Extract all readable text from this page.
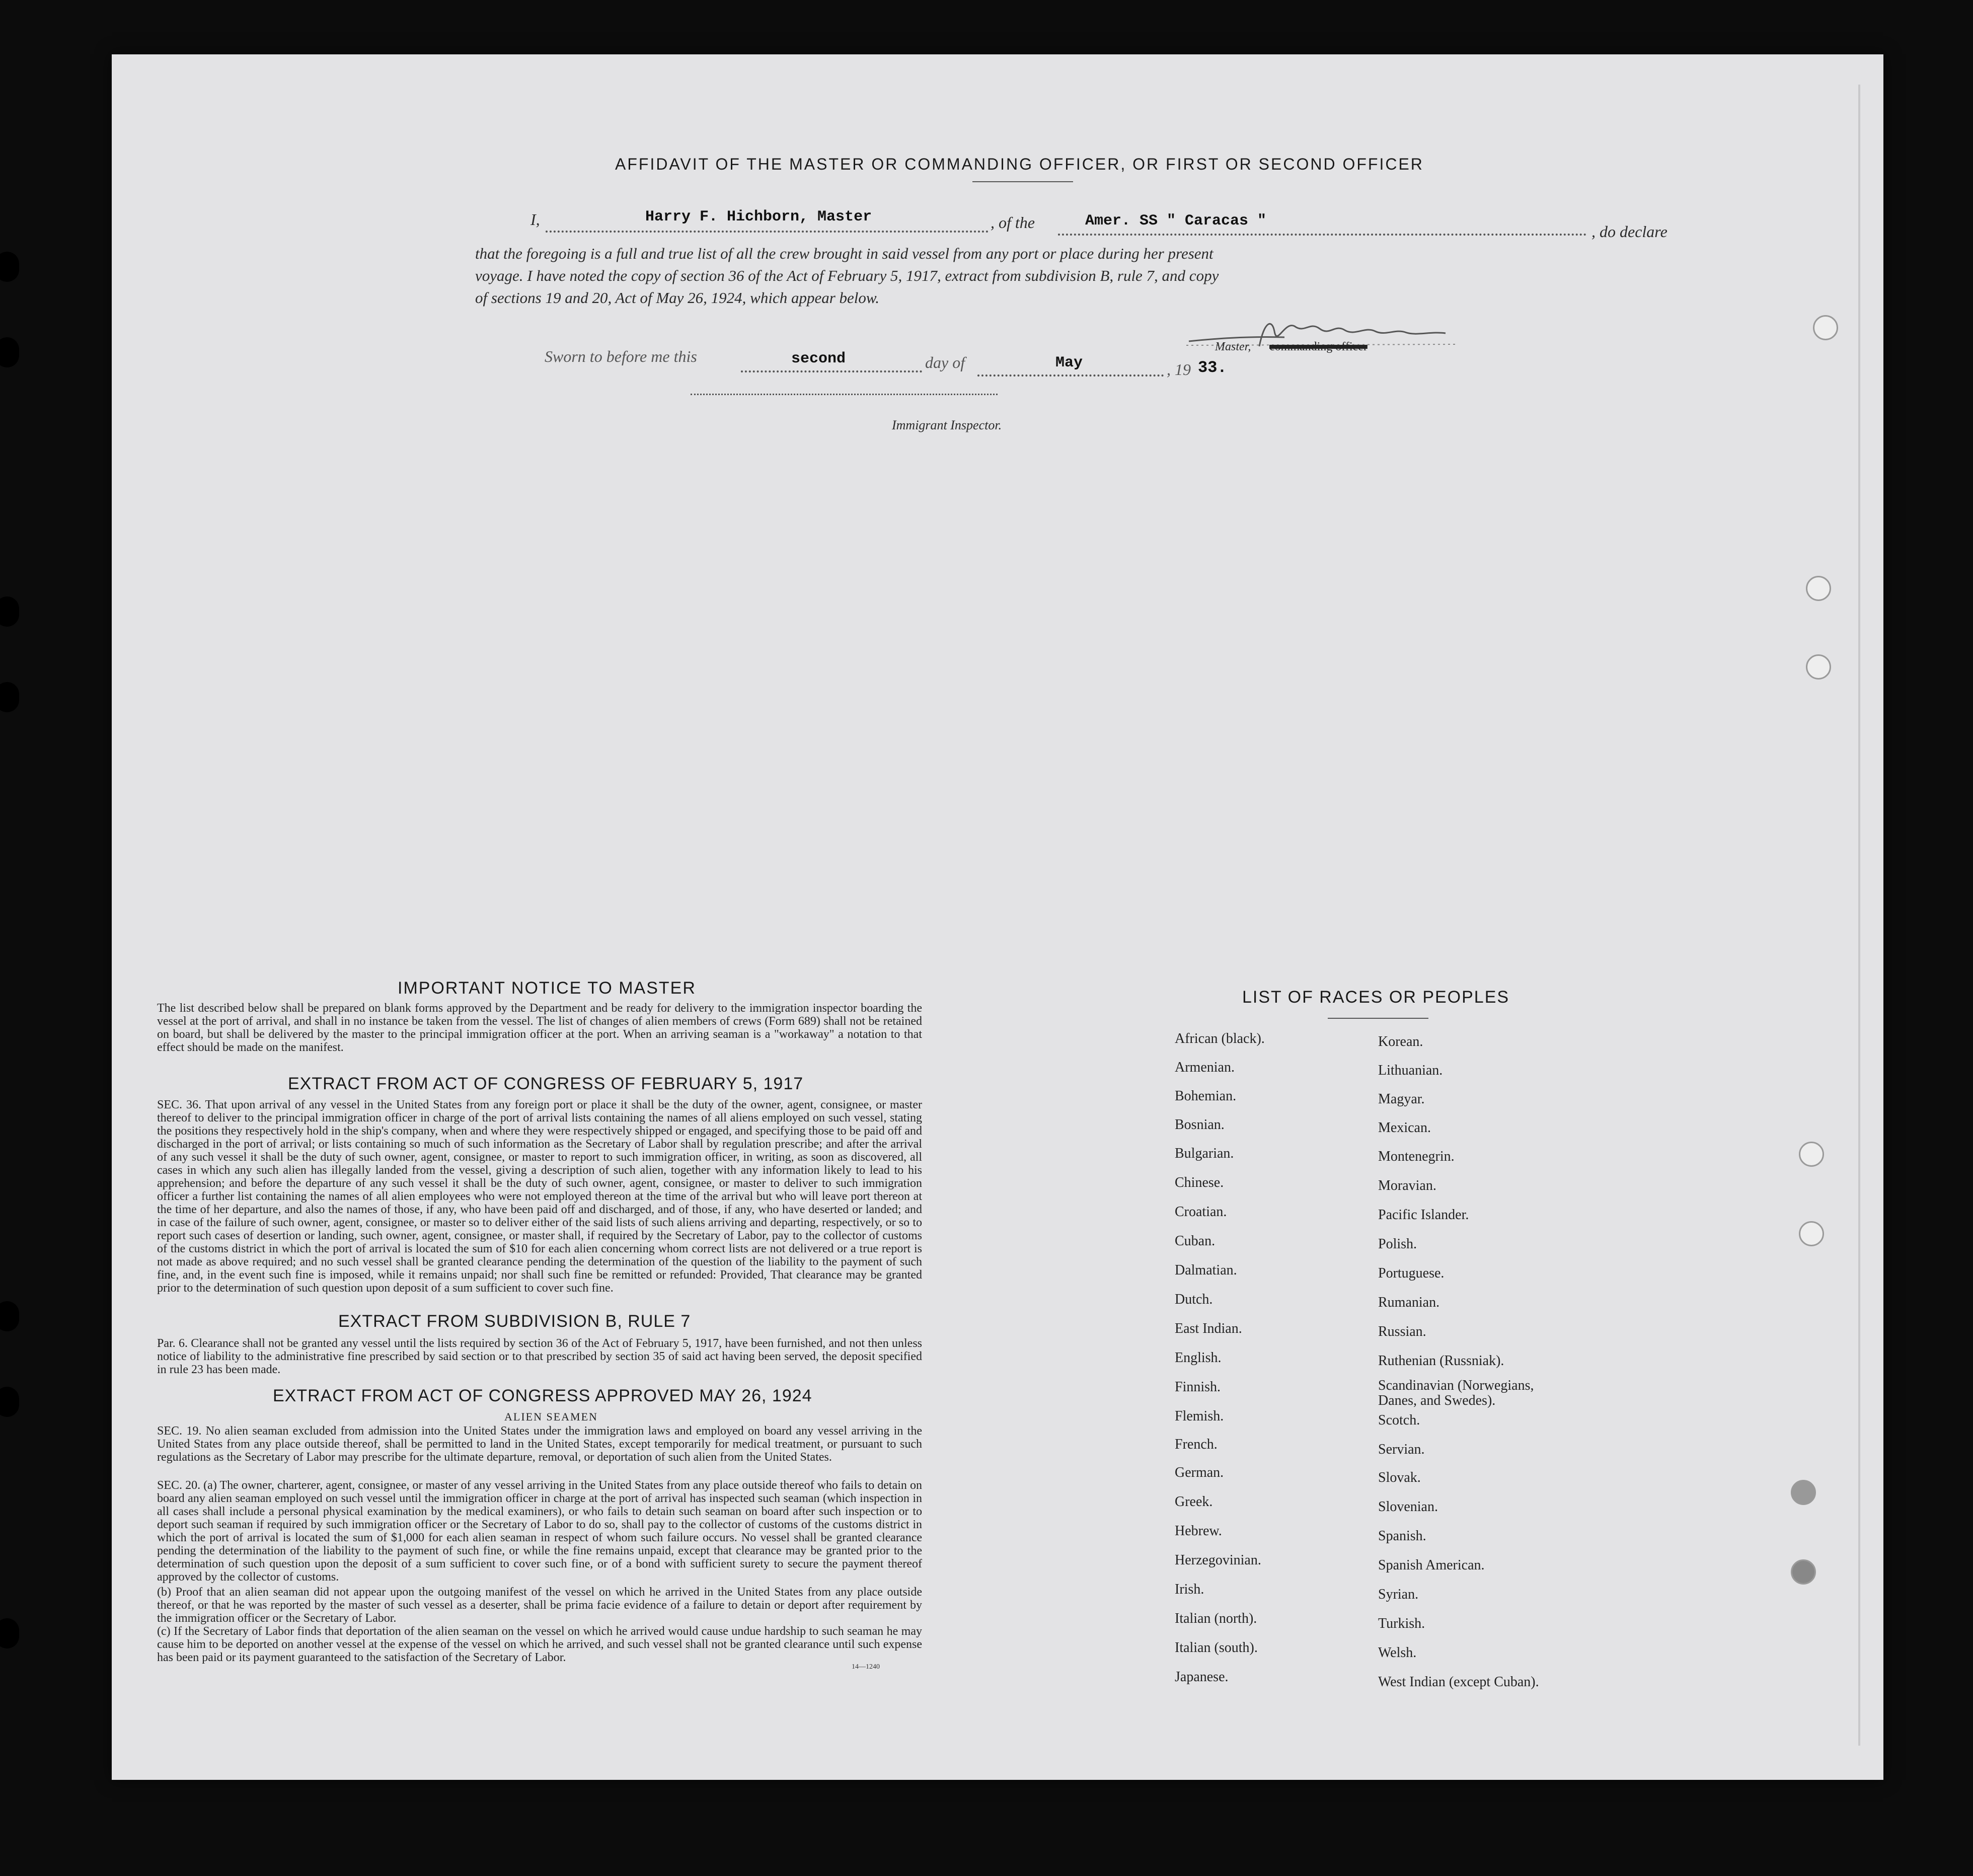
AFFIDAVIT OF THE MASTER OR COMMANDING OFFICER, OR FIRST OR SECOND OFFICER
I,	Harry F. Hichborn, Master	, of the	Amer. SS " Caracas "
, do declare
that the foregoing is a full and true list of all the crew brought in said vessel from any port or place during her present
voyage. I have noted the copy of section 36 of the Act of February 5, 1917, extract from subdivision B, rule 7, and copy
of sections 19 and 20, Act of May 26, 1924, which appear below.
Master, commanding officer
Sworn to before me this	second	day of	May	, 19 33.
Immigrant Inspector.
IMPORTANT NOTICE TO MASTER
The list described below shall be prepared on blank forms approved by the Department and be ready for delivery to the immigration inspector boarding the vessel at the port of arrival, and shall in no instance be taken from the vessel. The list of changes of alien members of crews (Form 689) shall not be retained on board, but shall be delivered by the master to the principal immigration officer at the port. When an arriving seaman is a "workaway" a notation to that effect should be made on the manifest.
EXTRACT FROM ACT OF CONGRESS OF FEBRUARY 5, 1917
SEC. 36. That upon arrival of any vessel in the United States from any foreign port or place it shall be the duty of the owner, agent, consignee, or master thereof to deliver to the principal immigration officer in charge of the port of arrival lists containing the names of all aliens employed on such vessel, stating the positions they respectively hold in the ship's company, when and where they were respectively shipped or engaged, and specifying those to be paid off and discharged in the port of arrival; or lists containing so much of such information as the Secretary of Labor shall by regulation prescribe; and after the arrival of any such vessel it shall be the duty of such owner, agent, consignee, or master to report to such immigration officer, in writing, as soon as discovered, all cases in which any such alien has illegally landed from the vessel, giving a description of such alien, together with any information likely to lead to his apprehension; and before the departure of any such vessel it shall be the duty of such owner, agent, consignee, or master to deliver to such immigration officer a further list containing the names of all alien employees who were not employed thereon at the time of the arrival but who will leave port thereon at the time of her departure, and also the names of those, if any, who have been paid off and discharged, and of those, if any, who have deserted or landed; and in case of the failure of such owner, agent, consignee, or master so to deliver either of the said lists of such aliens arriving and departing, respectively, or so to report such cases of desertion or landing, such owner, agent, consignee, or master shall, if required by the Secretary of Labor, pay to the collector of customs of the customs district in which the port of arrival is located the sum of $10 for each alien concerning whom correct lists are not delivered or a true report is not made as above required; and no such vessel shall be granted clearance pending the determination of the question of the liability to the payment of such fine, and, in the event such fine is imposed, while it remains unpaid; nor shall such fine be remitted or refunded: Provided, That clearance may be granted prior to the determination of such question upon deposit of a sum sufficient to cover such fine.
EXTRACT FROM SUBDIVISION B, RULE 7
Par. 6. Clearance shall not be granted any vessel until the lists required by section 36 of the Act of February 5, 1917, have been furnished, and not then unless notice of liability to the administrative fine prescribed by said section or to that prescribed by section 35 of said act having been served, the deposit specified in rule 23 has been made.
EXTRACT FROM ACT OF CONGRESS APPROVED MAY 26, 1924
ALIEN SEAMEN
SEC. 19. No alien seaman excluded from admission into the United States under the immigration laws and employed on board any vessel arriving in the United States from any place outside thereof, shall be permitted to land in the United States, except temporarily for medical treatment, or pursuant to such regulations as the Secretary of Labor may prescribe for the ultimate departure, removal, or deportation of such alien from the United States.
SEC. 20. (a) The owner, charterer, agent, consignee, or master of any vessel arriving in the United States from any place outside thereof who fails to detain on board any alien seaman employed on such vessel until the immigration officer in charge at the port of arrival has inspected such seaman (which inspection in all cases shall include a personal physical examination by the medical examiners), or who fails to detain such seaman on board after such inspection or to deport such seaman if required by such immigration officer or the Secretary of Labor to do so, shall pay to the collector of customs of the customs district in which the port of arrival is located the sum of $1,000 for each alien seaman in respect of whom such failure occurs. No vessel shall be granted clearance pending the determination of the liability to the payment of such fine, or while the fine remains unpaid, except that clearance may be granted prior to the determination of such question upon the deposit of a sum sufficient to cover such fine, or of a bond with sufficient surety to secure the payment thereof approved by the collector of customs.
(b) Proof that an alien seaman did not appear upon the outgoing manifest of the vessel on which he arrived in the United States from any place outside thereof, or that he was reported by the master of such vessel as a deserter, shall be prima facie evidence of a failure to detain or deport after requirement by the immigration officer or the Secretary of Labor.
(c) If the Secretary of Labor finds that deportation of the alien seaman on the vessel on which he arrived would cause undue hardship to such seaman he may cause him to be deported on another vessel at the expense of the vessel on which he arrived, and such vessel shall not be granted clearance until such expense has been paid or its payment guaranteed to the satisfaction of the Secretary of Labor.
14—1240
LIST OF RACES OR PEOPLES
African (black).
Armenian.
Bohemian.
Bosnian.
Bulgarian.
Chinese.
Croatian.
Cuban.
Dalmatian.
Dutch.
East Indian.
English.
Finnish.
Flemish.
French.
German.
Greek.
Hebrew.
Herzegovinian.
Irish.
Italian (north).
Italian (south).
Japanese.
Korean.
Lithuanian.
Magyar.
Mexican.
Montenegrin.
Moravian.
Pacific Islander.
Polish.
Portuguese.
Rumanian.
Russian.
Ruthenian (Russniak).
Scandinavian (Norwegians, Danes, and Swedes).
Scotch.
Servian.
Slovak.
Slovenian.
Spanish.
Spanish American.
Syrian.
Turkish.
Welsh.
West Indian (except Cuban).
